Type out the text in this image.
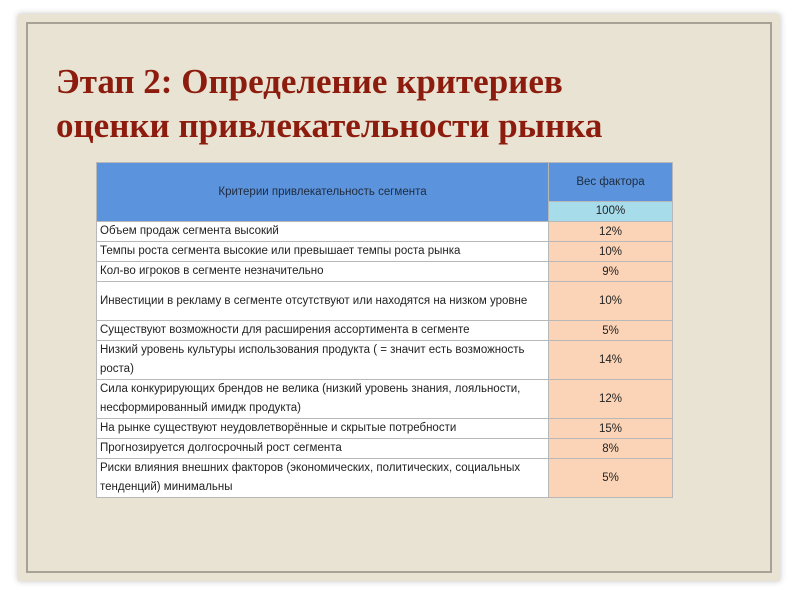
Этап 2: Определение критериев
оценки привлекательности рынка
Критерии привлекательность сегмента	Вес фактора
	100%
Объем продаж сегмента высокий	12%
Темпы роста сегмента высокие или превышает темпы роста рынка	10%
Кол-во игроков в сегменте незначительно	9%
Инвестиции в рекламу в сегменте отсутствуют или находятся на низком уровне	10%
Существуют возможности для расширения ассортимента в сегменте	5%
Низкий уровень культуры использования продукта ( = значит есть возможность роста)	14%
Сила конкурирующих брендов не велика (низкий уровень знания, лояльности, несформированный имидж продукта)	12%
На рынке существуют неудовлетворённые и скрытые потребности	15%
Прогнозируется долгосрочный рост сегмента	8%
Риски влияния внешних факторов (экономических, политических, социальных тенденций) минимальны	5%
